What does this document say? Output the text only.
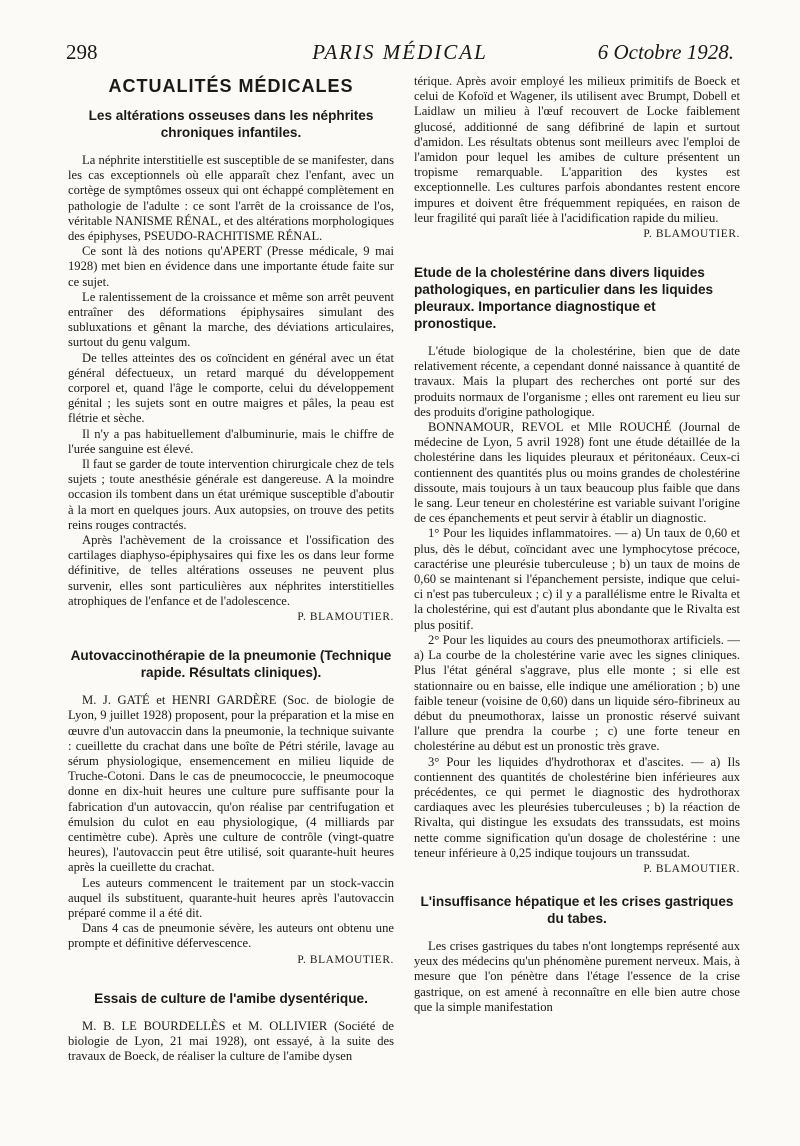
298	PARIS MÉDICAL	6 Octobre 1928.
ACTUALITÉS MÉDICALES
Les altérations osseuses dans les néphrites chroniques infantiles.

La néphrite interstitielle est susceptible de se manifester, dans les cas exceptionnels où elle apparaît chez l'enfant, avec un cortège de symptômes osseux qui ont échappé complètement en pathologie de l'adulte : ce sont l'arrêt de la croissance de l'os, véritable NANISME RÉNAL, et des altérations morphologiques des épiphyses, PSEUDO-RACHITISME RÉNAL.

Ce sont là des notions qu'APERT (Presse médicale, 9 mai 1928) met bien en évidence dans une importante étude faite sur ce sujet.

Le ralentissement de la croissance et même son arrêt peuvent entraîner des déformations épiphysaires simulant des subluxations et gênant la marche, des déviations articulaires, surtout du genu valgum.

De telles atteintes des os coïncident en général avec un état général défectueux, un retard marqué du développement corporel et, quand l'âge le comporte, celui du développement génital ; les sujets sont en outre maigres et pâles, la peau est flétrie et sèche.

Il n'y a pas habituellement d'albuminurie, mais le chiffre de l'urée sanguine est élevé.

Il faut se garder de toute intervention chirurgicale chez de tels sujets ; toute anesthésie générale est dangereuse. A la moindre occasion ils tombent dans un état urémique susceptible d'aboutir à la mort en quelques jours. Aux autopsies, on trouve des petits reins rouges contractés.

Après l'achèvement de la croissance et l'ossification des cartilages diaphyso-épiphysaires qui fixe les os dans leur forme définitive, de telles altérations osseuses ne peuvent plus survenir, elles sont particulières aux néphrites interstitielles atrophiques de l'enfance et de l'adolescence.

P. BLAMOUTIER.
Autovaccinothérapie de la pneumonie (Technique rapide. Résultats cliniques).

M. J. GATÉ et HENRI GARDÈRE (Soc. de biologie de Lyon, 9 juillet 1928) proposent, pour la préparation et la mise en œuvre d'un autovaccin dans la pneumonie, la technique suivante : cueillette du crachat dans une boîte de Pétri stérile, lavage au sérum physiologique, ensemencement en milieu liquide de Truche-Cotoni. Dans le cas de pneumococcie, le pneumocoque donne en dix-huit heures une culture pure suffisante pour la fabrication d'un autovaccin, qu'on réalise par centrifugation et émulsion du culot en eau physiologique, (4 milliards par centimètre cube). Après une culture de contrôle (vingt-quatre heures), l'autovaccin peut être utilisé, soit quarante-huit heures après la cueillette du crachat.

Les auteurs commencent le traitement par un stock-vaccin auquel ils substituent, quarante-huit heures après l'autovaccin préparé comme il a été dit.

Dans 4 cas de pneumonie sévère, les auteurs ont obtenu une prompte et définitive défervescence.

P. BLAMOUTIER.
Essais de culture de l'amibe dysentérique.

M. B. LE BOURDELLÈS et M. OLLIVIER (Société de biologie de Lyon, 21 mai 1928), ont essayé, à la suite des travaux de Boeck, de réaliser la culture de l'amibe dysen

térique. Après avoir employé les milieux primitifs de Boeck et celui de Kofoïd et Wagener, ils utilisent avec Brumpt, Dobell et Laidlaw un milieu à l'œuf recouvert de Locke faiblement glucosé, additionné de sang défibriné de lapin et surtout d'amidon. Les résultats obtenus sont meilleurs avec l'emploi de l'amidon pour lequel les amibes de culture présentent un tropisme remarquable. L'apparition des kystes est exceptionnelle. Les cultures parfois abondantes restent encore impures et doivent être fréquemment repiquées, en raison de leur fragilité qui paraît liée à l'acidification rapide du milieu.

P. BLAMOUTIER.
Etude de la cholestérine dans divers liquides pathologiques, en particulier dans les liquides pleuraux. Importance diagnostique et pronostique.

L'étude biologique de la cholestérine, bien que de date relativement récente, a cependant donné naissance à quantité de travaux. Mais la plupart des recherches ont porté sur des produits normaux de l'organisme ; elles ont rarement eu lieu sur des produits d'origine pathologique.

BONNAMOUR, REVOL et Mlle ROUCHÉ (Journal de médecine de Lyon, 5 avril 1928) font une étude détaillée de la cholestérine dans les liquides pleuraux et péritonéaux. Ceux-ci contiennent des quantités plus ou moins grandes de cholestérine dissoute, mais toujours à un taux beaucoup plus faible que dans le sang. Leur teneur en cholestérine est variable suivant l'origine de ces épanchements et peut servir à établir un diagnostic.

1° Pour les liquides inflammatoires. — a) Un taux de 0,60 et plus, dès le début, coïncidant avec une lymphocytose précoce, caractérise une pleurésie tuberculeuse ; b) un taux de moins de 0,60 se maintenant si l'épanchement persiste, indique que celui-ci n'est pas tuberculeux ; c) il y a parallélisme entre le Rivalta et la cholestérine, qui est d'autant plus abondante que le Rivalta est plus positif.

2° Pour les liquides au cours des pneumothorax artificiels. — a) La courbe de la cholestérine varie avec les signes cliniques. Plus l'état général s'aggrave, plus elle monte ; si elle est stationnaire ou en baisse, elle indique une amélioration ; b) une faible teneur (voisine de 0,60) dans un liquide séro-fibrineux au début du pneumothorax, laisse un pronostic réservé suivant l'allure que prendra la courbe ; c) une forte teneur en cholestérine au début est un pronostic très grave.

3° Pour les liquides d'hydrothorax et d'ascites. — a) Ils contiennent des quantités de cholestérine bien inférieures aux précédentes, ce qui permet le diagnostic des hydrothorax cardiaques avec les pleurésies tuberculeuses ; b) la réaction de Rivalta, qui distingue les exsudats des transsudats, est moins nette comme signification qu'un dosage de cholestérine : une teneur inférieure à 0,25 indique toujours un transsudat.

P. BLAMOUTIER.
L'insuffisance hépatique et les crises gastriques du tabes.

Les crises gastriques du tabes n'ont longtemps représenté aux yeux des médecins qu'un phénomène purement nerveux. Mais, à mesure que l'on pénètre dans l'étage l'essence de la crise gastrique, on est amené à reconnaître en elle bien autre chose que la simple manifestation
